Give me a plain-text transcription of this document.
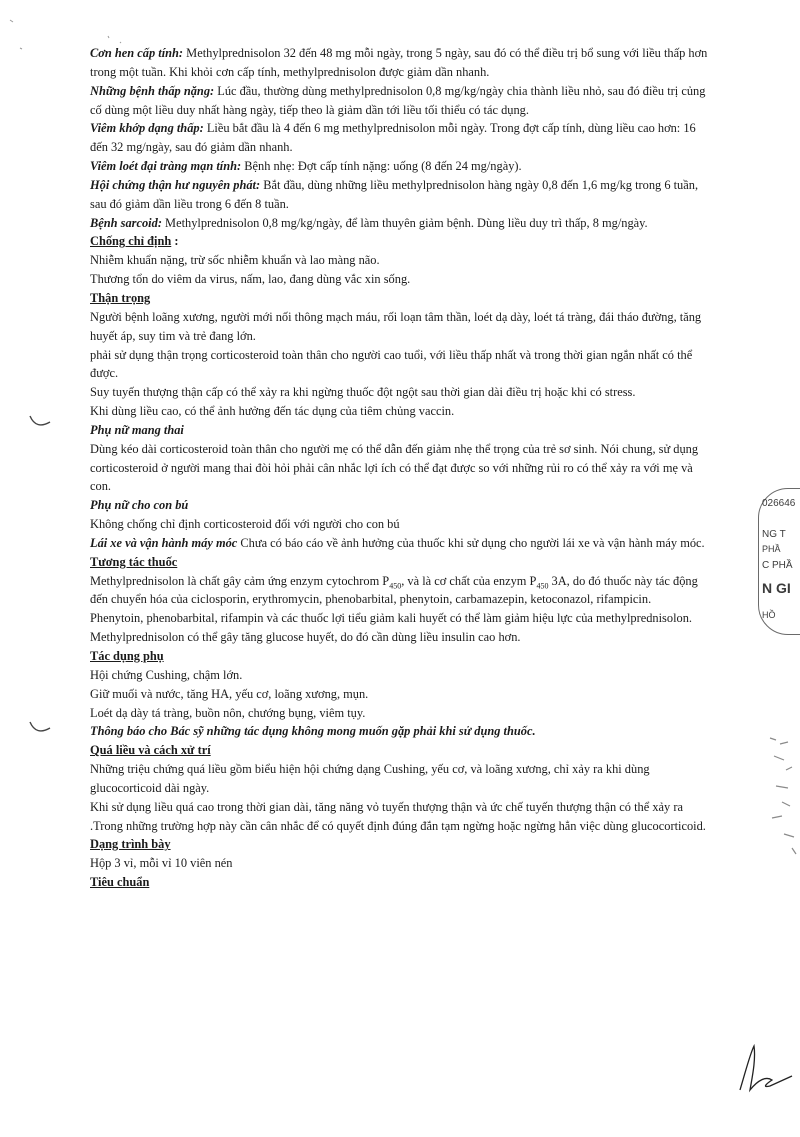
Cơn hen cấp tính: Methylprednisolon 32 đến 48 mg mỗi ngày, trong 5 ngày, sau đó có thể điều trị bổ sung với liều thấp hơn trong một tuần. Khi khỏi cơn cấp tính, methylprednisolon được giảm dần nhanh.

Những bệnh thấp nặng: Lúc đầu, thường dùng methylprednisolon 0,8 mg/kg/ngày chia thành liều nhỏ, sau đó điều trị củng cố dùng một liều duy nhất hàng ngày, tiếp theo là giảm dần tới liều tối thiểu có tác dụng.

Viêm khớp dạng thấp: Liều bắt đầu là 4 đến 6 mg methylprednisolon mỗi ngày. Trong đợt cấp tính, dùng liều cao hơn: 16 đến 32 mg/ngày, sau đó giảm dần nhanh.

Viêm loét đại tràng mạn tính: Bệnh nhẹ: Đợt cấp tính nặng: uống (8 đến 24 mg/ngày).

Hội chứng thận hư nguyên phát: Bắt đầu, dùng những liều methylprednisolon hàng ngày 0,8 đến 1,6 mg/kg trong 6 tuần, sau đó giảm dần liều trong 6 đến 8 tuần.

Bệnh sarcoid: Methylprednisolon 0,8 mg/kg/ngày, để làm thuyên giảm bệnh. Dùng liều duy trì thấp, 8 mg/ngày.

Chống chỉ định :

Nhiễm khuẩn nặng, trừ sốc nhiễm khuẩn và lao màng não.

Thương tổn do viêm da virus, nấm, lao, đang dùng vắc xin sống.

Thận trọng

Người bệnh loãng xương, người mới nối thông mạch máu, rối loạn tâm thần, loét dạ dày, loét tá tràng, đái tháo đường, tăng huyết áp, suy tim và trẻ đang lớn.

phải sử dụng thận trọng corticosteroid toàn thân cho người cao tuổi, với liều thấp nhất và trong thời gian ngắn nhất có thể được.

Suy tuyến thượng thận cấp có thể xảy ra khi ngừng thuốc đột ngột sau thời gian dài điều trị hoặc khi có stress.

Khi dùng liều cao, có thể ảnh hưởng đến tác dụng của tiêm chủng vaccin.

Phụ nữ mang thai

Dùng kéo dài corticosteroid toàn thân cho người mẹ có thể dẫn đến giảm nhẹ thể trọng của trẻ sơ sinh. Nói chung, sử dụng corticosteroid ở người mang thai đòi hỏi phải cân nhắc lợi ích có thể đạt được so với những rủi ro có thể xảy ra với mẹ và con.

Phụ nữ cho con bú

Không chống chỉ định corticosteroid đối với người cho con bú

Lái xe và vận hành máy móc Chưa có báo cáo về ảnh hưởng của thuốc khi sử dụng cho người lái xe và vận hành máy móc.

Tương tác thuốc

Methylprednisolon là chất gây cảm ứng enzym cytochrom $P_{450}$, và là cơ chất của enzym $P_{450}$ 3A, do đó thuốc này tác động đến chuyển hóa của ciclosporin, erythromycin, phenobarbital, phenytoin, carbamazepin, ketoconazol, rifampicin.

Phenytoin, phenobarbital, rifampin và các thuốc lợi tiểu giảm kali huyết có thể làm giảm hiệu lực của methylprednisolon.

Methylprednisolon có thể gây tăng glucose huyết, do đó cần dùng liều insulin cao hơn.

Tác dụng phụ

Hội chứng Cushing, chậm lớn.

Giữ muối và nước, tăng HA, yếu cơ, loãng xương, mụn.

Loét dạ dày tá tràng, buồn nôn, chướng bụng, viêm tụy.

Thông báo cho Bác sỹ những tác dụng không mong muốn gặp phải khi sử dụng thuốc.

Quá liều và cách xử trí

Những triệu chứng quá liều gồm biểu hiện hội chứng dạng Cushing, yếu cơ, và loãng xương, chỉ xảy ra khi dùng glucocorticoid dài ngày.

Khi sử dụng liều quá cao trong thời gian dài, tăng năng vỏ tuyến thượng thận và ức chế tuyến thượng thận có thể xảy ra .Trong những trường hợp này cần cân nhắc để có quyết định đúng đắn tạm ngừng hoặc ngừng hẳn việc dùng glucocorticoid.

Dạng trình bày

Hộp 3 vỉ, mỗi vỉ 10 viên nén

Tiêu chuẩn

026646
NG T
PHẦ
C PHẦ
N GI
HỒ
